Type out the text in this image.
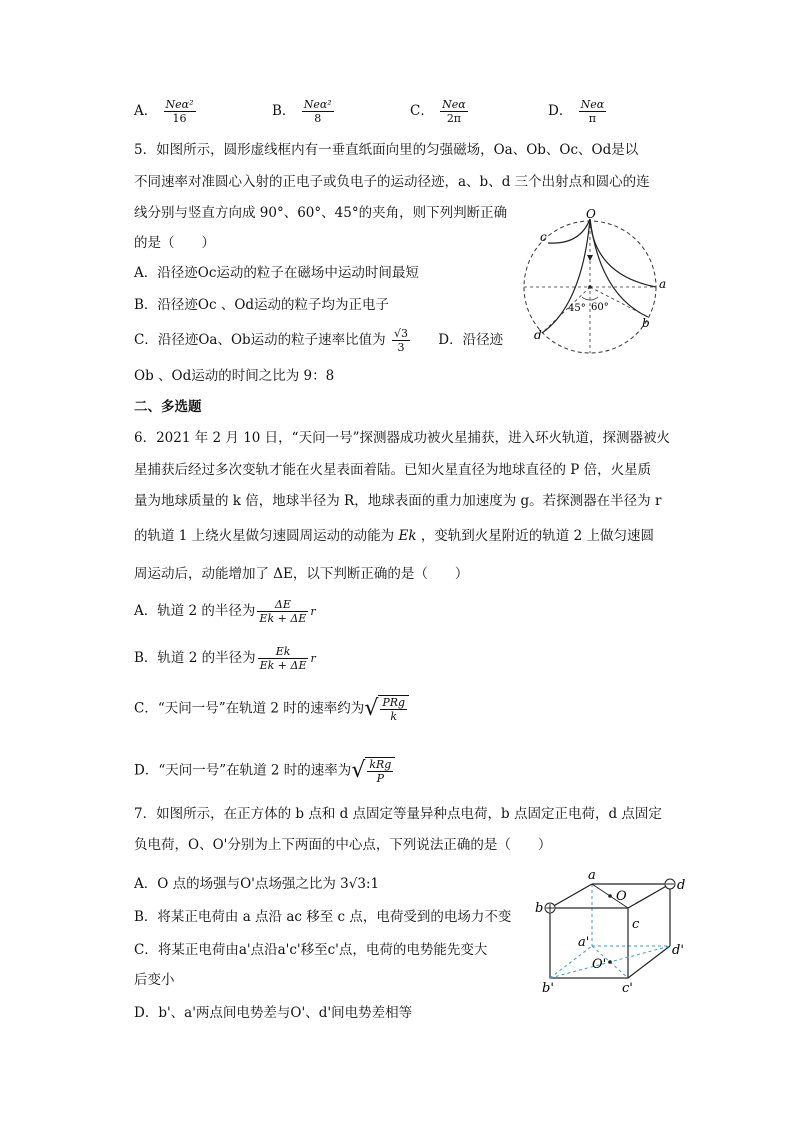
A． $\frac{\text{Neα²}}{16}$	B． $\frac{\text{Neα²}}{8}$	C． $\frac{\text{Neα}}{2\pi}$	D． $\frac{\text{Neα}}{\pi}$
5．如图所示，圆形虚线框内有一垂直纸面向里的匀强磁场，Oa、Ob、Oc、Od是以
不同速率对准圆心入射的正电子或负电子的运动径迹，a、b、d 三个出射点和圆心的连
线分别与竖直方向成 90°、60°、45°的夹角，则下列判断正确
的是（　　）
A．沿径迹Oc运动的粒子在磁场中运动时间最短
B．沿径迹Oc 、Od运动的粒子均为正电子
C．沿径迹Oa、Ob运动的粒子速率比值为 $\frac{√3}{3}$ D．沿径迹
Ob 、Od运动的时间之比为 9：8
O
a
b
c
d
45° 60°
二、多选题
6．2021 年 2 月 10 日，“天问一号”探测器成功被火星捕获，进入环火轨道，探测器被火
星捕获后经过多次变轨才能在火星表面着陆。已知火星直径为地球直径的 P 倍，火星质
量为地球质量的 k 倍，地球半径为 R，地球表面的重力加速度为 g。若探测器在半径为 r
的轨道 1 上绕火星做匀速圆周运动的动能为 Ek ，变轨到火星附近的轨道 2 上做匀速圆
周运动后，动能增加了 ΔE，以下判断正确的是（　　）
A．轨道 2 的半径为 $\frac{\Delta E}{Ek + \Delta E}$ r
B．轨道 2 的半径为 $\frac{Ek}{Ek + \Delta E}$ r
C．“天问一号”在轨道 2 时的速率约为√ $\frac{\text{PRg}}{k}$
D．“天问一号”在轨道 2 时的速率为√ $\frac{\text{kRg}}{P}$
7．如图所示，在正方体的 b 点和 d 点固定等量异种点电荷，b 点固定正电荷，d 点固定
负电荷，O、O'分别为上下两面的中心点，下列说法正确的是（　　）
A．O 点的场强与O'点场强之比为 3√3:1
B．将某正电荷由 a 点沿 ac 移至 c 点，电荷受到的电场力不变
C．将某正电荷由a'点沿a'c'移至c'点，电荷的电势能先变大
后变小
D．b'、a'两点间电势差与O'、d'间电势差相等
a
O
d
b
c
a'
d'
O'
b'	c'
